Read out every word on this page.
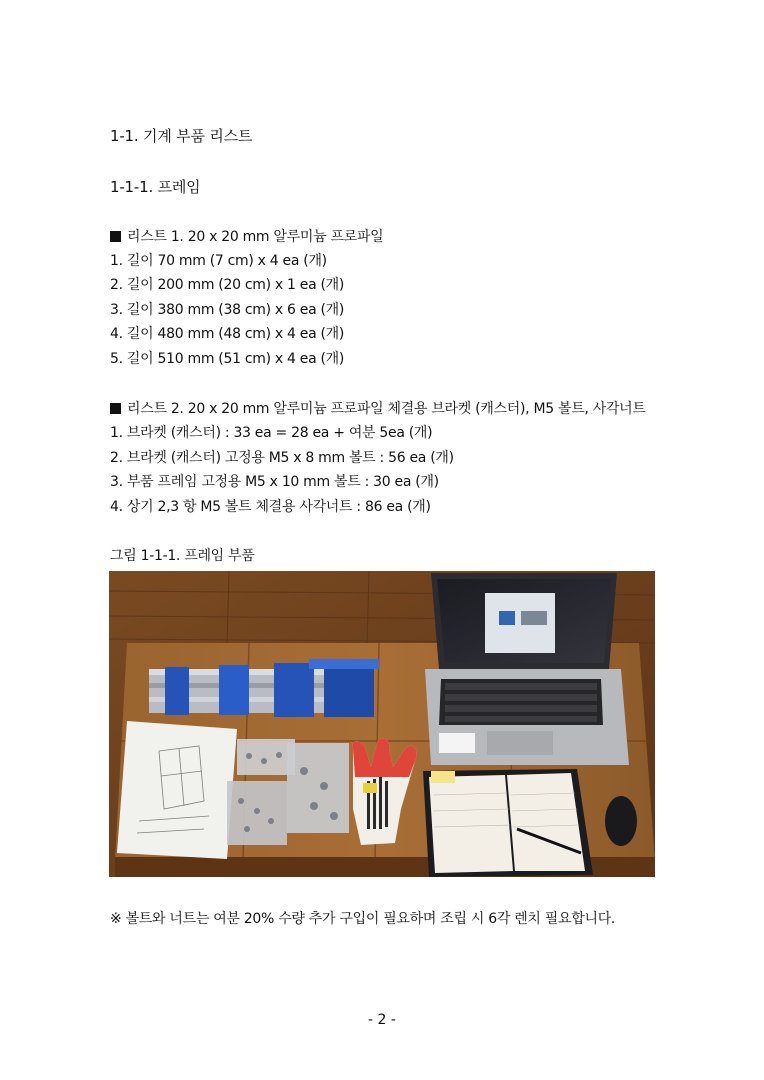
1-1. 기계 부품 리스트
1-1-1. 프레임
리스트 1. 20 x 20 mm 알루미늄 프로파일
1. 길이 70 mm (7 cm) x 4 ea (개)
2. 길이 200 mm (20 cm) x 1 ea (개)
3. 길이 380 mm (38 cm) x 6 ea (개)
4. 길이 480 mm (48 cm) x 4 ea (개)
5. 길이 510 mm (51 cm) x 4 ea (개)
리스트 2. 20 x 20 mm 알루미늄 프로파일 체결용 브라켓 (캐스터), M5 볼트, 사각너트
1. 브라켓 (캐스터) : 33 ea = 28 ea + 여분 5ea (개)
2. 브라켓 (캐스터) 고정용 M5 x 8 mm 볼트 : 56 ea (개)
3. 부품 프레임 고정용 M5 x 10 mm 볼트 : 30 ea (개)
4. 상기 2,3 항 M5 볼트 체결용 사각너트 : 86 ea (개)
그림 1-1-1. 프레임 부품
※ 볼트와 너트는 여분 20% 수량 추가 구입이 필요하며 조립 시 6각 렌치 필요합니다.
- 2 -
